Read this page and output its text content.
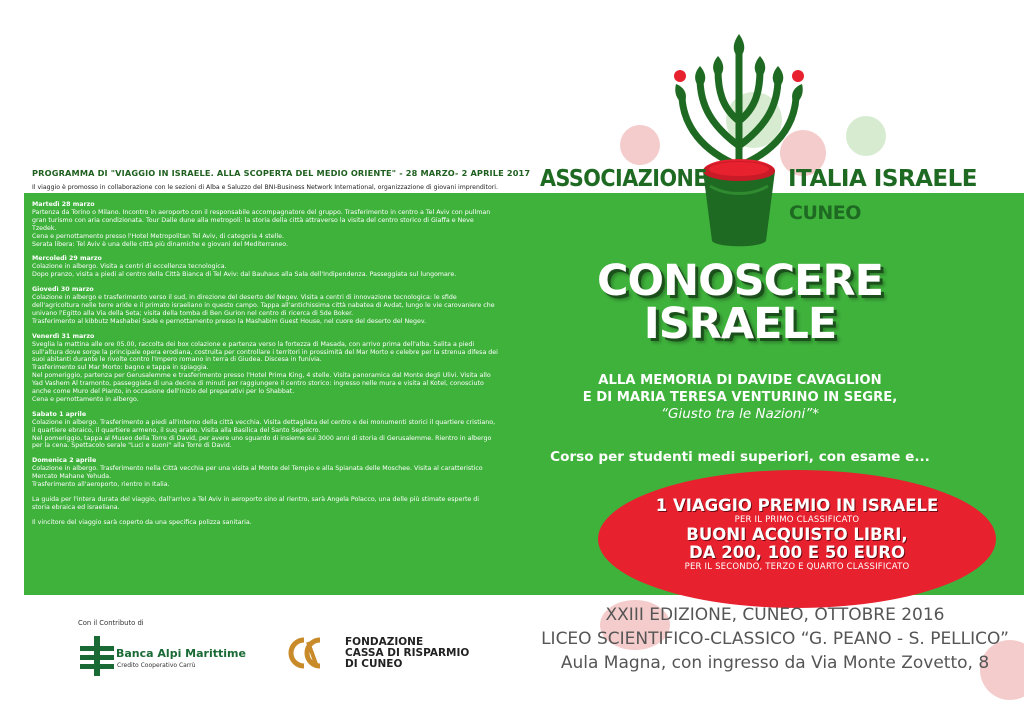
PROGRAMMA DI "VIAGGIO IN ISRAELE. ALLA SCOPERTA DEL MEDIO ORIENTE" - 28 MARZO- 2 APRILE 2017
Il viaggio è promosso in collaborazione con le sezioni di Alba e Saluzzo del BNI-Business Network International, organizzazione di giovani imprenditori.
Martedì 28 marzo
Partenza da Torino o Milano. Incontro in aeroporto con il responsabile accompagnatore del gruppo. Trasferimento in centro a Tel Aviv con pullman gran turismo con aria condizionata. Tour Dalle dune alla metropoli: la storia della città attraverso la visita del centro storico di Giaffa e Neve Tzedek.
Cena e pernottamento presso l'Hotel Metropolitan Tel Aviv, di categoria 4 stelle.
Serata libera: Tel Aviv è una delle città più dinamiche e giovani del Mediterraneo.
Mercoledì 29 marzo
Colazione in albergo. Visita a centri di eccellenza tecnologica.
Dopo pranzo, visita a piedi al centro della Città Bianca di Tel Aviv: dal Bauhaus alla Sala dell'Indipendenza. Passeggiata sul lungomare.
Giovedì 30 marzo
Colazione in albergo e trasferimento verso il sud, in direzione del deserto del Negev. Visita a centri di innovazione tecnologica: le sfide dell'agricoltura nelle terre aride e il primato israeliano in questo campo. Tappa all'antichissima città nabatea di Avdat, lungo le vie carovaniere che univano l'Egitto alla Via della Seta; visita della tomba di Ben Gurion nel centro di ricerca di Sde Boker.
Trasferimento al kibbutz Mashabei Sade e pernottamento presso la Mashabim Guest House, nel cuore del deserto del Negev.
Venerdì 31 marzo
Sveglia la mattina alle ore 05.00, raccolta dei box colazione e partenza verso la fortezza di Masada, con arrivo prima dell'alba. Salita a piedi sull'altura dove sorge la principale opera erodiana, costruita per controllare i territori in prossimità del Mar Morto e celebre per la strenua difesa dei suoi abitanti durante le rivolte contro l'Impero romano in terra di Giudea. Discesa in funivia.
Trasferimento sul Mar Morto: bagno e tappa in spiaggia.
Nel pomeriggio, partenza per Gerusalemme e trasferimento presso l'Hotel Prima King, 4 stelle. Visita panoramica dal Monte degli Ulivi. Visita allo Yad Vashem Al tramonto, passeggiata di una decina di minuti per raggiungere il centro storico: ingresso nelle mura e visita al Kotel, conosciuto anche come Muro del Pianto, in occasione dell'inizio del preparativi per lo Shabbat.
Cena e pernottamento in albergo.
Sabato 1 aprile
Colazione in albergo. Trasferimento a piedi all'interno della città vecchia. Visita dettagliata del centro e dei monumenti storici il quartiere cristiano, il quartiere ebraico, il quartiere armeno, il suq arabo. Visita alla Basilica del Santo Sepolcro.
Nel pomeriggio, tappa al Museo della Torre di David, per avere uno sguardo di insieme sui 3000 anni di storia di Gerusalemme. Rientro in albergo per la cena. Spettacolo serale "Luci e suoni" alla Torre di David.
Domenica 2 aprile
Colazione in albergo. Trasferimento nella Città vecchia per una visita al Monte del Tempio e alla Spianata delle Moschee. Visita al caratteristico Mercato Mahane Yehuda.
Trasferimento all'aeroporto, rientro in Italia.

La guida per l'intera durata del viaggio, dall'arrivo a Tel Aviv in aeroporto sino al rientro, sarà Angela Polacco, una delle più stimate esperte di storia ebraica ed israeliana.

Il vincitore del viaggio sarà coperto da una specifica polizza sanitaria.

ASSOCIAZIONE	ITALIA ISRAELE
CUNEO
CONOSCERE
ISRAELE
ALLA MEMORIA DI DAVIDE CAVAGLION
E DI MARIA TERESA VENTURINO IN SEGRE,
“Giusto tra le Nazioni”*
Corso per studenti medi superiori, con esame e...
1 VIAGGIO PREMIO IN ISRAELE
PER IL PRIMO CLASSIFICATO
BUONI ACQUISTO LIBRI,
DA 200, 100 E 50 EURO
PER IL SECONDO, TERZO E QUARTO CLASSIFICATO
XXIII EDIZIONE, CUNEO, OTTOBRE 2016
LICEO SCIENTIFICO-CLASSICO “G. PEANO - S. PELLICO”
Aula Magna, con ingresso da Via Monte Zovetto, 8
Con il Contributo di
Banca Alpi Marittime
Credito Cooperativo Carrù
FONDAZIONE
CASSA DI RISPARMIO
DI CUNEO
